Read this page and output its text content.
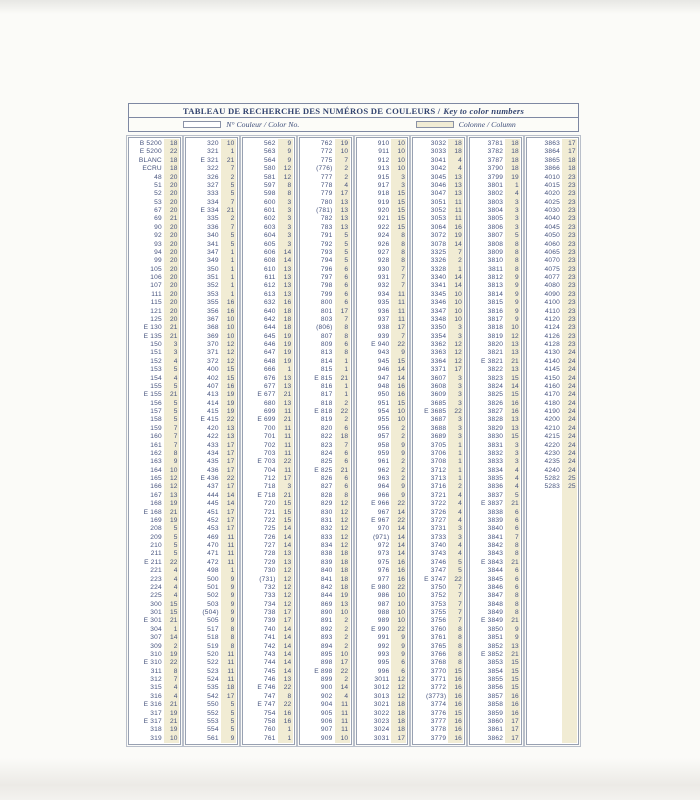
TABLEAU DE RECHERCHE DES NUMÉROS DE COULEURS / Key to color numbers
N° Couleur / Color No.	Colonne / Column
B 5200	18
E 5200	22
BLANC	18
ECRU	18
48	20
51	20
52	20
53	20
67	20
69	21
90	20
92	20
93	20
94	20
99	20
105	20
106	20
107	20
111	20
115	20
121	20
125	20
E 130	21
E 135	21
150	3
151	3
152	4
153	5
154	4
155	5
E 155	21
156	5
157	5
158	5
159	7
160	7
161	7
162	8
163	9
164	10
165	12
166	12
167	13
168	19
E 168	21
169	19
208	5
209	5
210	5
211	5
E 211	22
221	4
223	4
224	4
225	4
300	15
301	15
E 301	21
304	1
307	14
309	2
310	19
E 310	22
311	8
312	7
315	4
316	4
E 316	21
317	19
E 317	21
318	19
319	10
320	10
321	1
E 321	21
322	7
326	2
327	5
333	5
334	7
E 334	21
335	2
336	7
340	5
341	5
347	1
349	1
350	1
351	1
352	1
353	1
355	16
356	16
367	10
368	10
369	10
370	12
371	12
372	12
400	15
402	15
407	16
413	19
414	19
415	19
E 415	22
420	13
422	13
433	17
434	17
435	17
436	17
E 436	22
437	17
444	14
445	14
451	17
452	17
453	17
469	11
470	11
471	11
472	11
498	1
500	9
501	9
502	9
503	9
(504)	9
505	9
517	8
518	8
519	8
520	11
522	11
523	11
524	11
535	18
542	17
550	5
552	5
553	5
554	5
561	9
562	9
563	9
564	9
580	12
581	12
597	8
598	8
600	3
601	3
602	3
603	3
604	3
605	3
606	14
608	14
610	13
611	13
612	13
613	13
632	16
640	18
642	18
644	18
645	19
646	19
647	19
648	19
666	1
676	13
677	13
E 677	21
680	13
699	11
E 699	21
700	11
701	11
702	11
703	11
E 703	22
704	11
712	17
718	3
E 718	21
720	15
721	15
722	15
725	14
726	14
727	14
728	13
729	13
730	12
(731)	12
732	12
733	12
734	12
738	17
739	17
740	14
741	14
742	14
743	14
744	14
745	14
746	13
E 746	22
747	8
E 747	22
754	16
758	16
760	1
761	1
762	19
772	10
775	7
(776)	2
777	2
778	4
779	17
780	13
(781)	13
782	13
783	13
791	5
792	5
793	5
794	5
796	6
797	6
798	6
799	6
800	6
801	17
803	7
(806)	8
807	8
809	6
813	8
814	1
815	1
E 815	21
816	1
817	1
818	2
E 818	22
819	2
820	6
822	18
823	7
824	6
825	6
E 825	21
826	6
827	6
828	8
829	12
830	12
831	12
832	12
833	12
834	12
838	18
839	18
840	18
841	18
842	18
844	19
869	13
890	10
891	2
892	2
893	2
894	2
895	10
898	17
E 898	22
899	2
900	14
902	4
904	11
905	11
906	11
907	11
909	10
910	10
911	10
912	10
913	10
915	3
917	3
918	15
919	15
920	15
921	15
922	15
924	8
926	8
927	8
928	8
930	7
931	7
932	7
934	11
935	11
936	11
937	11
938	17
939	7
E 940	22
943	9
945	15
946	14
947	14
948	16
950	16
951	15
954	10
955	10
956	2
957	2
958	9
959	9
961	2
962	2
963	2
964	9
966	9
E 966	22
967	14
E 967	22
970	14
(971)	14
972	14
973	14
975	16
976	16
977	16
E 980	22
986	10
987	10
988	10
989	10
E 990	22
991	9
992	9
993	9
995	6
996	6
3011	12
3012	12
3013	12
3021	18
3022	18
3023	18
3024	18
3031	17
3032	18
3033	18
3041	4
3042	4
3045	13
3046	13
3047	13
3051	11
3052	11
3053	11
3064	16
3072	19
3078	14
3325	7
3326	2
3328	1
3340	14
3341	14
3345	10
3346	10
3347	10
3348	10
3350	3
3354	3
3362	12
3363	12
3364	12
3371	17
3607	3
3608	3
3609	3
3685	3
E 3685	22
3687	3
3688	3
3689	3
3705	1
3706	1
3708	1
3712	1
3713	1
3716	2
3721	4
3722	4
3726	4
3727	4
3731	3
3733	3
3740	4
3743	4
3746	5
3747	5
E 3747	22
3750	7
3752	7
3753	7
3755	7
3756	7
3760	8
3761	8
3765	8
3766	8
3768	8
3770	15
3771	16
3772	16
(3773)	16
3774	16
3776	15
3777	16
3778	16
3779	16
3781	18
3782	18
3787	18
3790	18
3799	19
3801	1
3802	4
3803	3
3804	3
3805	3
3806	3
3807	5
3808	8
3809	8
3810	8
3811	8
3812	9
3813	9
3814	9
3815	9
3816	9
3817	9
3818	10
3819	12
3820	13
3821	13
E 3821	21
3822	13
3823	15
3824	14
3825	15
3826	16
3827	16
3828	13
3829	13
3830	15
3831	3
3832	3
3833	3
3834	4
3835	4
3836	4
3837	5
E 3837	21
3838	6
3839	6
3840	6
3841	7
3842	8
3843	8
E 3843	21
3844	6
3845	6
3846	6
3847	8
3848	8
3849	8
E 3849	21
3850	9
3851	9
3852	13
E 3852	21
3853	15
3854	15
3855	15
3856	15
3857	16
3858	16
3859	16
3860	17
3861	17
3862	17
3863	17
3864	17
3865	18
3866	18
4010	23
4015	23
4020	23
4025	23
4030	23
4040	23
4045	23
4050	23
4060	23
4065	23
4070	23
4075	23
4077	23
4080	23
4090	23
4100	23
4110	23
4120	23
4124	23
4126	23
4128	23
4130	24
4140	24
4145	24
4150	24
4160	24
4170	24
4180	24
4190	24
4200	24
4210	24
4215	24
4220	24
4230	24
4235	24
4240	24
5282	25
5283	25
